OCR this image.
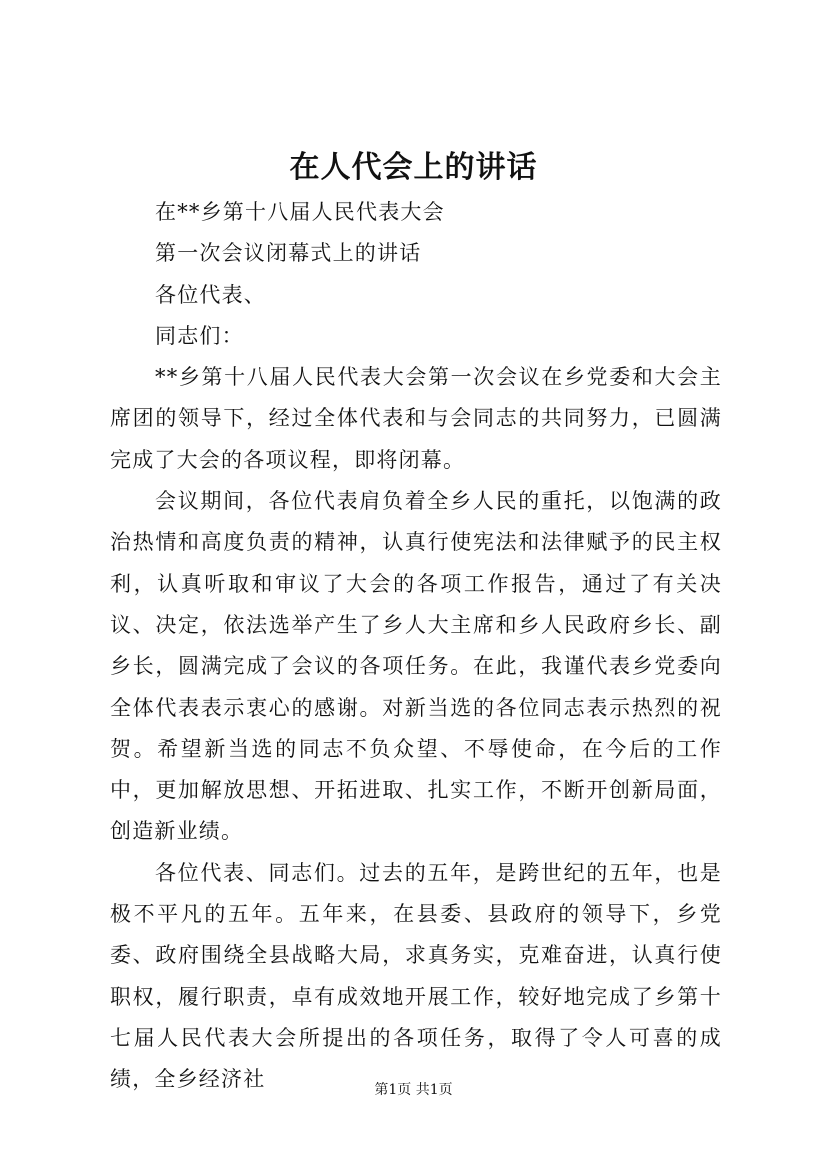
在人代会上的讲话

在**乡第十八届人民代表大会

第一次会议闭幕式上的讲话

各位代表、

同志们：

**乡第十八届人民代表大会第一次会议在乡党委和大会主席团的领导下，经过全体代表和与会同志的共同努力，已圆满完成了大会的各项议程，即将闭幕。

会议期间，各位代表肩负着全乡人民的重托，以饱满的政治热情和高度负责的精神，认真行使宪法和法律赋予的民主权利，认真听取和审议了大会的各项工作报告，通过了有关决议、决定，依法选举产生了乡人大主席和乡人民政府乡长、副乡长，圆满完成了会议的各项任务。在此，我谨代表乡党委向全体代表表示衷心的感谢。对新当选的各位同志表示热烈的祝贺。希望新当选的同志不负众望、不辱使命，在今后的工作中，更加解放思想、开拓进取、扎实工作，不断开创新局面，创造新业绩。

各位代表、同志们。过去的五年，是跨世纪的五年，也是极不平凡的五年。五年来，在县委、县政府的领导下，乡党委、政府围绕全县战略大局，求真务实，克难奋进，认真行使职权，履行职责，卓有成效地开展工作，较好地完成了乡第十七届人民代表大会所提出的各项任务，取得了令人可喜的成绩，全乡经济社	第1页 共1页
